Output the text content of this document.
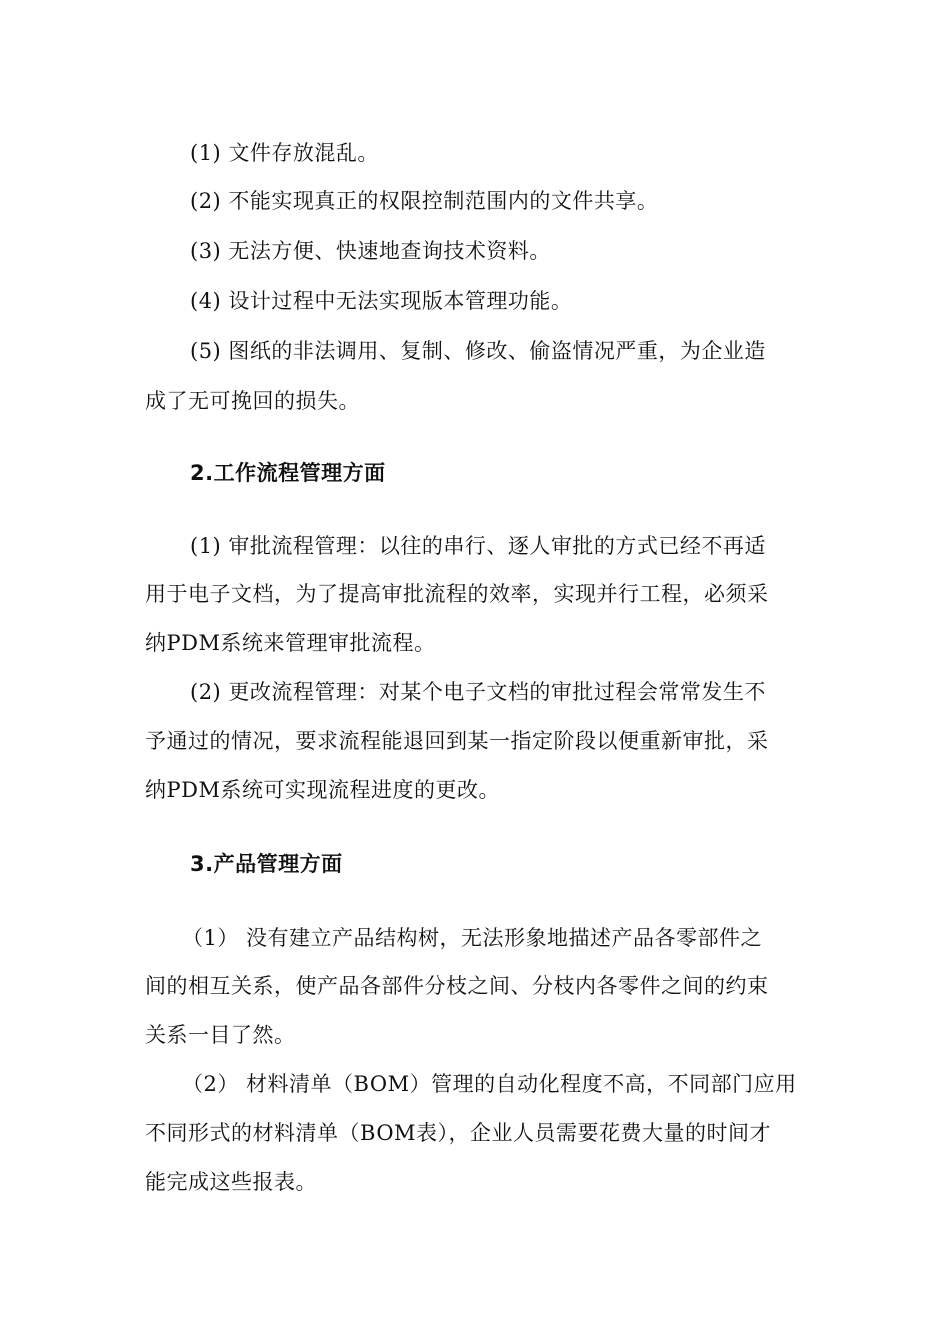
(1) 文件存放混乱。
(2) 不能实现真正的权限控制范围内的文件共享。
(3) 无法方便、快速地查询技术资料。
(4) 设计过程中无法实现版本管理功能。
(5) 图纸的非法调用、复制、修改、偷盗情况严重，为企业造
成了无可挽回的损失。
2.工作流程管理方面
(1) 审批流程管理：以往的串行、逐人审批的方式已经不再适
用于电子文档，为了提高审批流程的效率，实现并行工程，必须采
纳PDM系统来管理审批流程。
(2) 更改流程管理：对某个电子文档的审批过程会常常发生不
予通过的情况，要求流程能退回到某一指定阶段以便重新审批，采
纳PDM系统可实现流程进度的更改。
3.产品管理方面
（1） 没有建立产品结构树，无法形象地描述产品各零部件之
间的相互关系，使产品各部件分枝之间、分枝内各零件之间的约束
关系一目了然。
（2） 材料清单（BOM）管理的自动化程度不高，不同部门应用
不同形式的材料清单（BOM表），企业人员需要花费大量的时间才
能完成这些报表。
